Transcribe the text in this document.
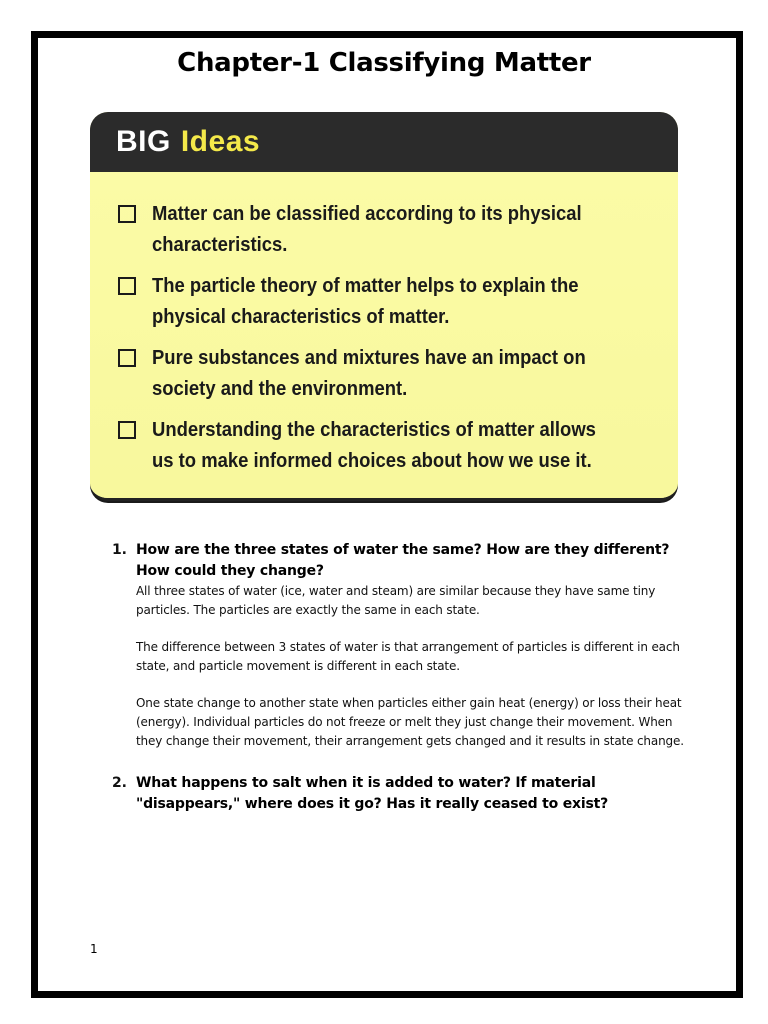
Chapter-1 Classifying Matter
BIG Ideas
Matter can be classified according to its physical characteristics.
The particle theory of matter helps to explain the physical characteristics of matter.
Pure substances and mixtures have an impact on society and the environment.
Understanding the characteristics of matter allows us to make informed choices about how we use it.
1. How are the three states of water the same? How are they different? How could they change?

All three states of water (ice, water and steam) are similar because they have same tiny particles. The particles are exactly the same in each state.

The difference between 3 states of water is that arrangement of particles is different in each state, and particle movement is different in each state.

One state change to another state when particles either gain heat (energy) or loss their heat (energy). Individual particles do not freeze or melt they just change their movement. When they change their movement, their arrangement gets changed and it results in state change.

2. What happens to salt when it is added to water? If material "disappears," where does it go? Has it really ceased to exist?
1
